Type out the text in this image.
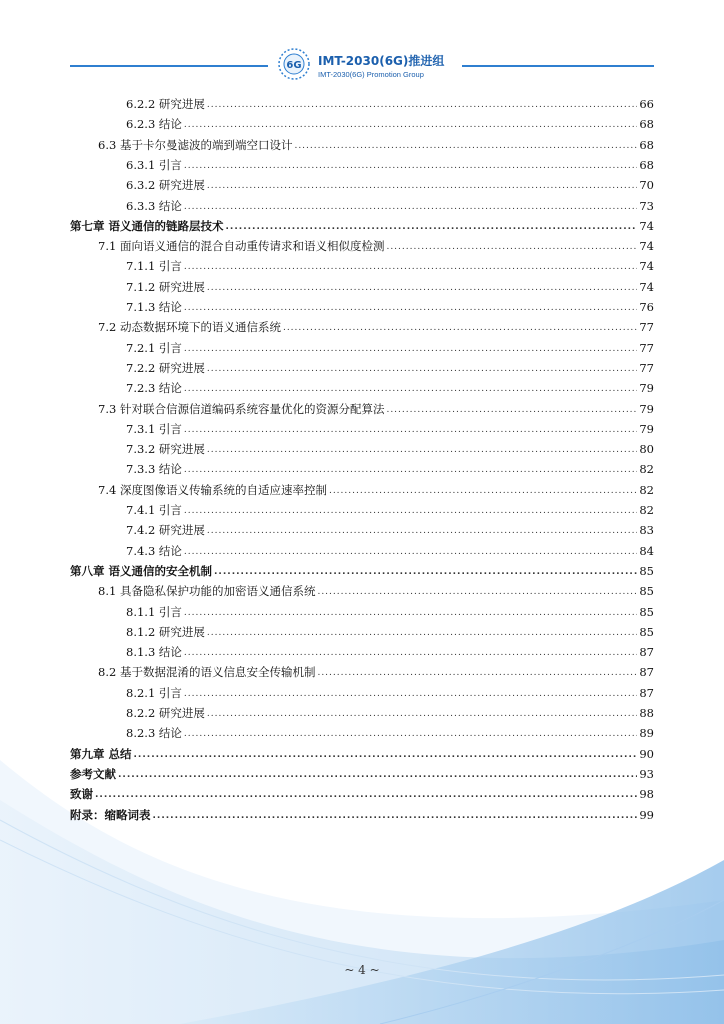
6G IMT-2030(6G)推进组
IMT-2030(6G) Promotion Group
6.2.2 研究进展 .....	66
6.2.3 结论 .....	68
6.3 基于卡尔曼滤波的端到端空口设计 .....	68
6.3.1 引言 .....	68
6.3.2 研究进展 .....	70
6.3.3 结论 .....	73
第七章 语义通信的链路层技术 .....	74
7.1 面向语义通信的混合自动重传请求和语义相似度检测 .....	74
7.1.1 引言 .....	74
7.1.2 研究进展 .....	74
7.1.3 结论 .....	76
7.2 动态数据环境下的语义通信系统 .....	77
7.2.1 引言 .....	77
7.2.2 研究进展 .....	77
7.2.3 结论 .....	79
7.3 针对联合信源信道编码系统容量优化的资源分配算法 .....	79
7.3.1 引言 .....	79
7.3.2 研究进展 .....	80
7.3.3 结论 .....	82
7.4 深度图像语义传输系统的自适应速率控制 .....	82
7.4.1 引言 .....	82
7.4.2 研究进展 .....	83
7.4.3 结论 .....	84
第八章 语义通信的安全机制 .....	85
8.1 具备隐私保护功能的加密语义通信系统 .....	85
8.1.1 引言 .....	85
8.1.2 研究进展 .....	85
8.1.3 结论 .....	87
8.2 基于数据混淆的语义信息安全传输机制 .....	87
8.2.1 引言 .....	87
8.2.2 研究进展 .....	88
8.2.3 结论 .....	89
第九章 总结 .....	90
参考文献 .....	93
致谢 .....	98
附录：缩略词表 .....	99
~ 4 ~
